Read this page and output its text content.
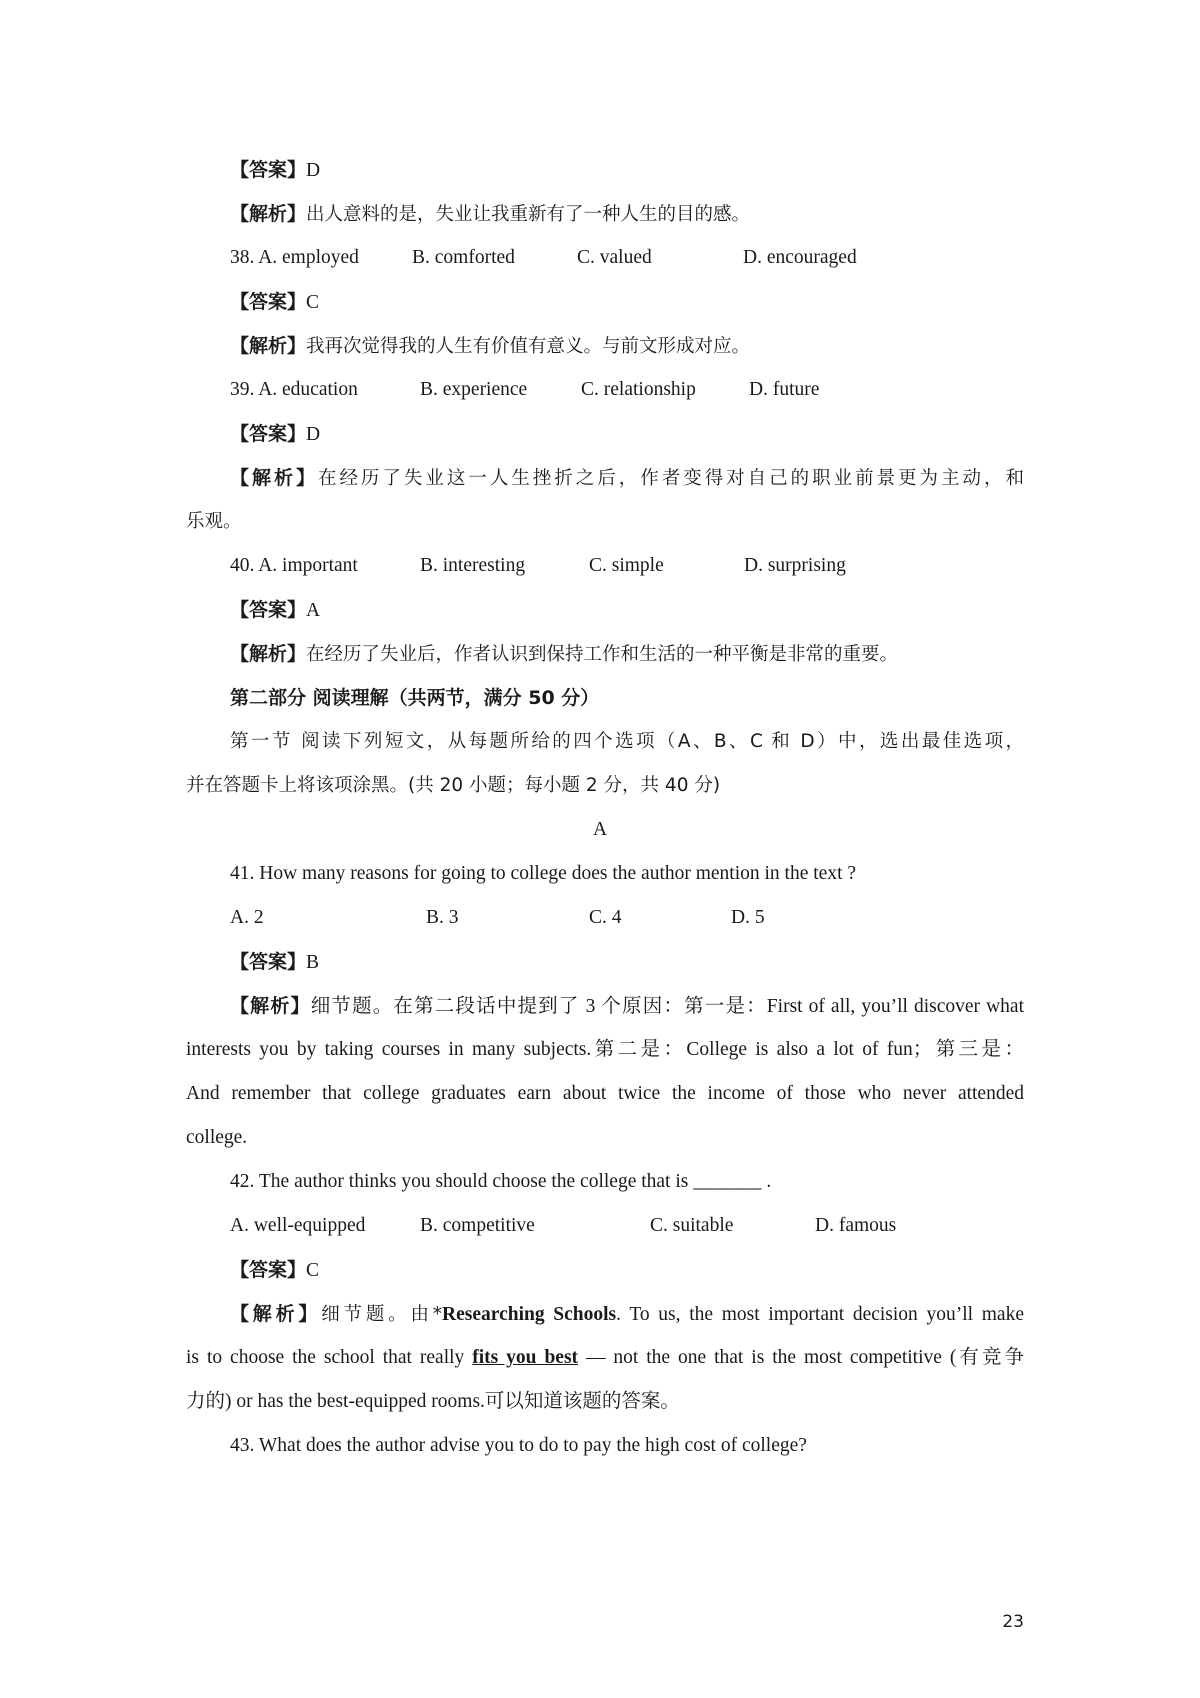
【答案】D
【解析】出人意料的是，失业让我重新有了一种人生的目的感。
38. A. employed	B. comforted	C. valued	D. encouraged
【答案】C
【解析】我再次觉得我的人生有价值有意义。与前文形成对应。
39. A. education	B. experience	C. relationship	D. future
【答案】D
【解析】在经历了失业这一人生挫折之后，作者变得对自己的职业前景更为主动，和
乐观。
40. A. important	B. interesting	C. simple	D. surprising
【答案】A
【解析】在经历了失业后，作者认识到保持工作和生活的一种平衡是非常的重要。
第二部分 阅读理解（共两节，满分 50 分）
第一节 阅读下列短文，从每题所给的四个选项（A、B、C 和 D）中，选出最佳选项，
并在答题卡上将该项涂黑。(共 20 小题；每小题 2 分，共 40 分)
A
41. How many reasons for going to college does the author mention in the text ?
A. 2	B. 3	C. 4	D. 5
【答案】B
【解析】细节题。在第二段话中提到了 3 个原因：第一是：First of all, you’ll discover what
interests you by taking courses in many subjects.第二是：College is also a lot of fun；第三是：
And remember that college graduates earn about twice the income of those who never attended
college.
42. The author thinks you should choose the college that is _______ .
A. well-equipped	B. competitive	C. suitable	D. famous
【答案】C
【解析】细节题。由*Researching Schools. To us, the most important decision you’ll make
is to choose the school that really fits you best — not the one that is the most competitive (有竞争
力的) or has the best-equipped rooms.可以知道该题的答案。
43. What does the author advise you to do to pay the high cost of college?
23
